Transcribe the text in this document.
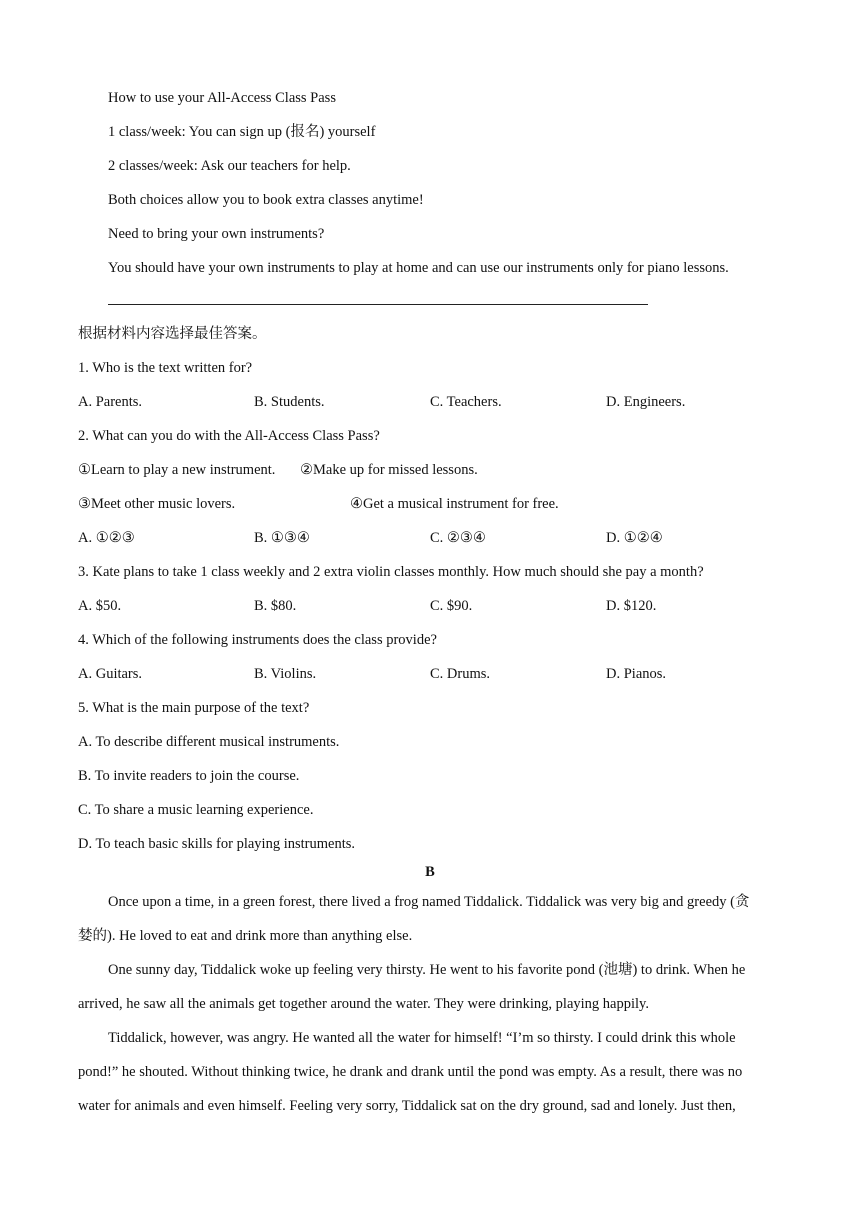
How to use your All-Access Class Pass
1 class/week: You can sign up (报名) yourself
2 classes/week: Ask our teachers for help.
Both choices allow you to book extra classes anytime!
Need to bring your own instruments?
You should have your own instruments to play at home and can use our instruments only for piano lessons.
根据材料内容选择最佳答案。
1. Who is the text written for?
A. Parents.	B. Students.	C. Teachers.	D. Engineers.
2. What can you do with the All-Access Class Pass?
①Learn to play a new instrument. ②Make up for missed lessons.
③Meet other music lovers.	④Get a musical instrument for free.
A. ①②③	B. ①③④	C. ②③④	D. ①②④
3. Kate plans to take 1 class weekly and 2 extra violin classes monthly. How much should she pay a month?
A. $50.	B. $80.	C. $90.	D. $120.
4. Which of the following instruments does the class provide?
A. Guitars.	B. Violins.	C. Drums.	D. Pianos.
5. What is the main purpose of the text?
A. To describe different musical instruments.
B. To invite readers to join the course.
C. To share a music learning experience.
D. To teach basic skills for playing instruments.
B
Once upon a time, in a green forest, there lived a frog named Tiddalick. Tiddalick was very big and greedy (贪
婪的). He loved to eat and drink more than anything else.
One sunny day, Tiddalick woke up feeling very thirsty. He went to his favorite pond (池塘) to drink. When he
arrived, he saw all the animals get together around the water. They were drinking, playing happily.
Tiddalick, however, was angry. He wanted all the water for himself! “I’m so thirsty. I could drink this whole
pond!” he shouted. Without thinking twice, he drank and drank until the pond was empty. As a result, there was no
water for animals and even himself. Feeling very sorry, Tiddalick sat on the dry ground, sad and lonely. Just then,
